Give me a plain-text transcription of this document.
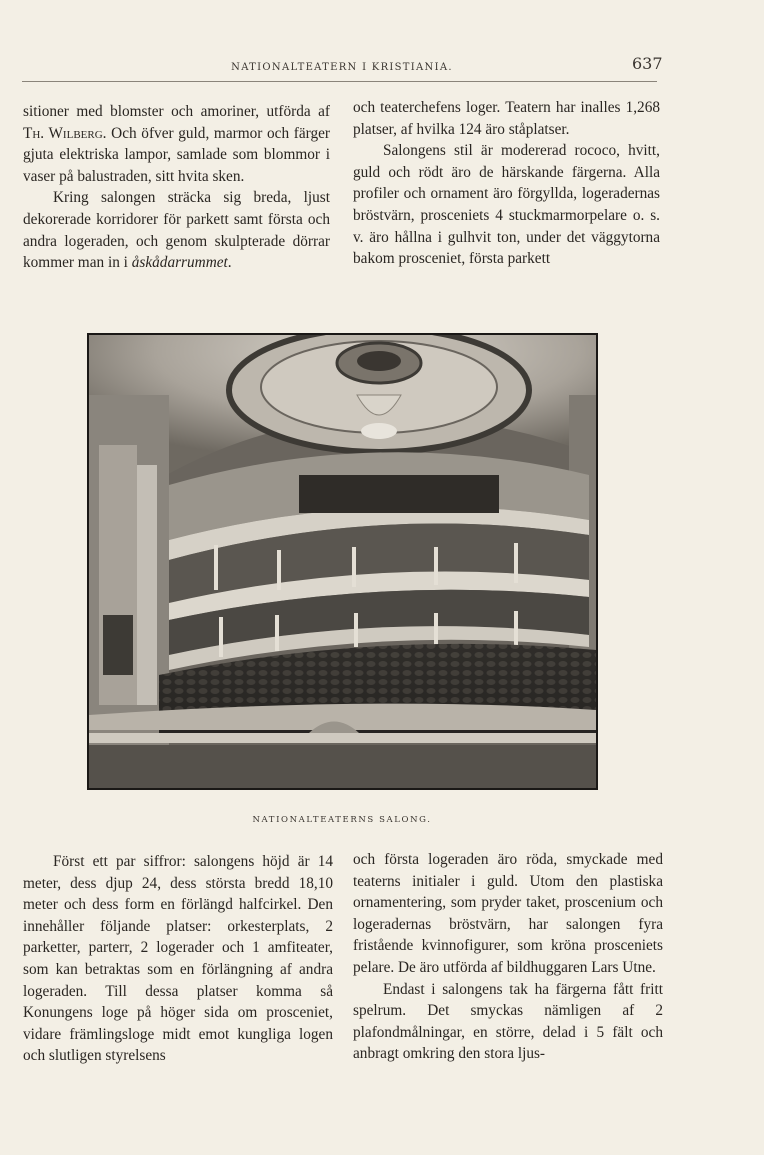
NATIONALTEATERN I KRISTIANIA.	637

sitioner med blomster och amoriner, utförda af Th. Wilberg. Och öfver guld, marmor och färger gjuta elektriska lampor, samlade som blommor i vaser på balustraden, sitt hvita sken.

Kring salongen sträcka sig breda, ljust dekorerade korridorer för parkett samt första och andra logeraden, och genom skulpterade dörrar kommer man in i åskådarrummet.

och teaterchefens loger. Teatern har inalles 1,268 platser, af hvilka 124 äro ståplatser.

Salongens stil är modererad rococo, hvitt, guld och rödt äro de härskande färgerna. Alla profiler och ornament äro förgyllda, logeradernas bröstvärn, prosceniets 4 stuckmarmorpelare o. s. v. äro hållna i gulhvit ton, under det väggytorna bakom prosceniet, första parkett

NATIONALTEATERNS SALONG.

Först ett par siffror: salongens höjd är 14 meter, dess djup 24, dess största bredd 18,10 meter och dess form en förlängd halfcirkel. Den innehåller följande platser: orkesterplats, 2 parketter, parterr, 2 logerader och 1 amfiteater, som kan betraktas som en förlängning af andra logeraden. Till dessa platser komma så Konungens loge på höger sida om prosceniet, vidare främlingsloge midt emot kungliga logen och slutligen styrelsens

och första logeraden äro röda, smyckade med teaterns initialer i guld. Utom den plastiska ornamentering, som pryder taket, proscenium och logeradernas bröstvärn, har salongen fyra fristående kvinnofigurer, som kröna prosceniets pelare. De äro utförda af bildhuggaren Lars Utne.

Endast i salongens tak ha färgerna fått fritt spelrum. Det smyckas nämligen af 2 plafondmålningar, en större, delad i 5 fält och anbragt omkring den stora ljus-
